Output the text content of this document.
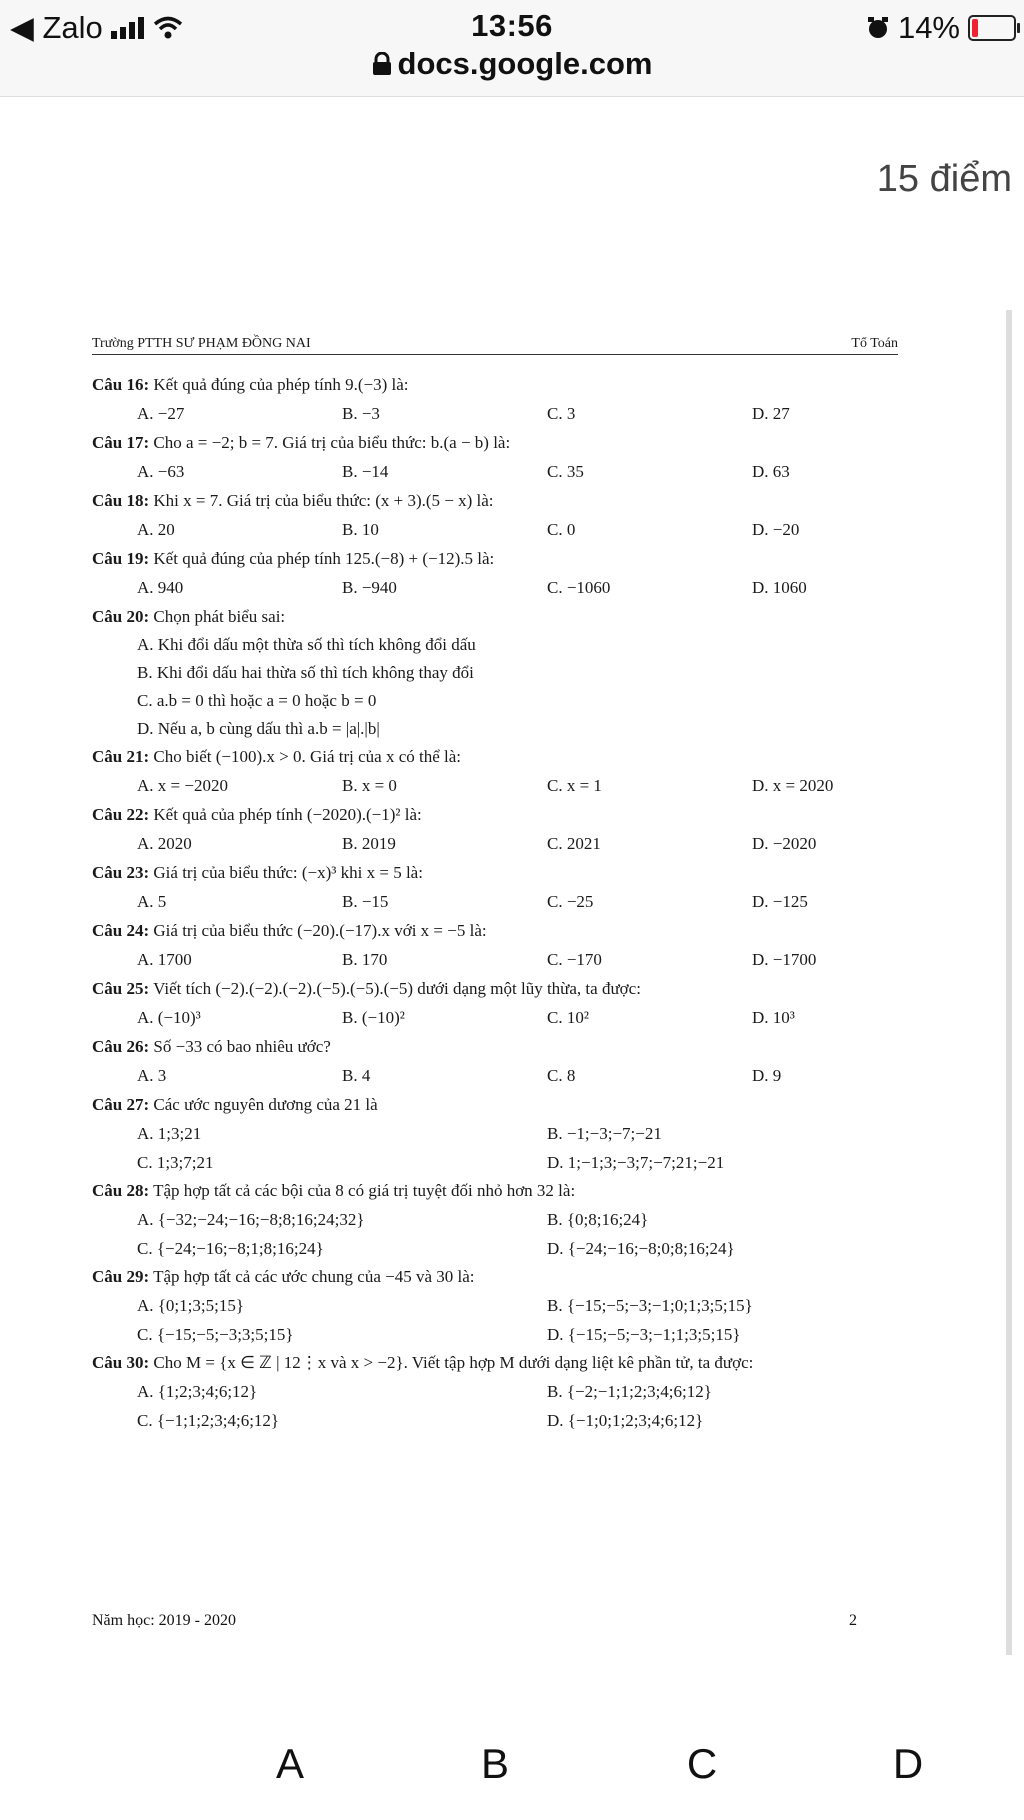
◀ Zalo	13:56
docs.google.com
14%
15 điểm
Trường PTTH SƯ PHẠM ĐỒNG NAI	Tổ Toán

Câu 16: Kết quả đúng của phép tính 9.(−3) là:

A. −27	B. −3	C. 3	D. 27

Câu 17: Cho a = −2; b = 7. Giá trị của biểu thức: b.(a − b) là:

A. −63	B. −14	C. 35	D. 63

Câu 18: Khi x = 7. Giá trị của biểu thức: (x + 3).(5 − x) là:

A. 20	B. 10	C. 0	D. −20

Câu 19: Kết quả đúng của phép tính 125.(−8) + (−12).5 là:

A. 940	B. −940	C. −1060	D. 1060

Câu 20: Chọn phát biểu sai:

A. Khi đổi dấu một thừa số thì tích không đổi dấu
B. Khi đổi dấu hai thừa số thì tích không thay đổi
C. a.b = 0 thì hoặc a = 0 hoặc b = 0
D. Nếu a, b cùng dấu thì a.b = |a|.|b|

Câu 21: Cho biết (−100).x > 0. Giá trị của x có thể là:

A. x = −2020	B. x = 0	C. x = 1	D. x = 2020

Câu 22: Kết quả của phép tính (−2020).(−1)² là:

A. 2020	B. 2019	C. 2021	D. −2020

Câu 23: Giá trị của biểu thức: (−x)³ khi x = 5 là:

A. 5	B. −15	C. −25	D. −125

Câu 24: Giá trị của biểu thức (−20).(−17).x với x = −5 là:

A. 1700	B. 170	C. −170	D. −1700

Câu 25: Viết tích (−2).(−2).(−2).(−5).(−5).(−5) dưới dạng một lũy thừa, ta được:

A. (−10)³	B. (−10)²	C. 10²	D. 10³

Câu 26: Số −33 có bao nhiêu ước?

A. 3	B. 4	C. 8	D. 9

Câu 27: Các ước nguyên dương của 21 là

A. 1;3;21	B. −1;−3;−7;−21
C. 1;3;7;21	D. 1;−1;3;−3;7;−7;21;−21

Câu 28: Tập hợp tất cả các bội của 8 có giá trị tuyệt đối nhỏ hơn 32 là:

A. {−32;−24;−16;−8;8;16;24;32}	B. {0;8;16;24}
C. {−24;−16;−8;1;8;16;24}	D. {−24;−16;−8;0;8;16;24}

Câu 29: Tập hợp tất cả các ước chung của −45 và 30 là:

A. {0;1;3;5;15}	B. {−15;−5;−3;−1;0;1;3;5;15}
C. {−15;−5;−3;3;5;15}	D. {−15;−5;−3;−1;1;3;5;15}

Câu 30: Cho M = {x ∈ ℤ | 12⋮x và x > −2}. Viết tập hợp M dưới dạng liệt kê phần tử, ta được:

A. {1;2;3;4;6;12}	B. {−2;−1;1;2;3;4;6;12}
C. {−1;1;2;3;4;6;12}	D. {−1;0;1;2;3;4;6;12}
Năm học: 2019 - 2020	2
A	B	C	D
